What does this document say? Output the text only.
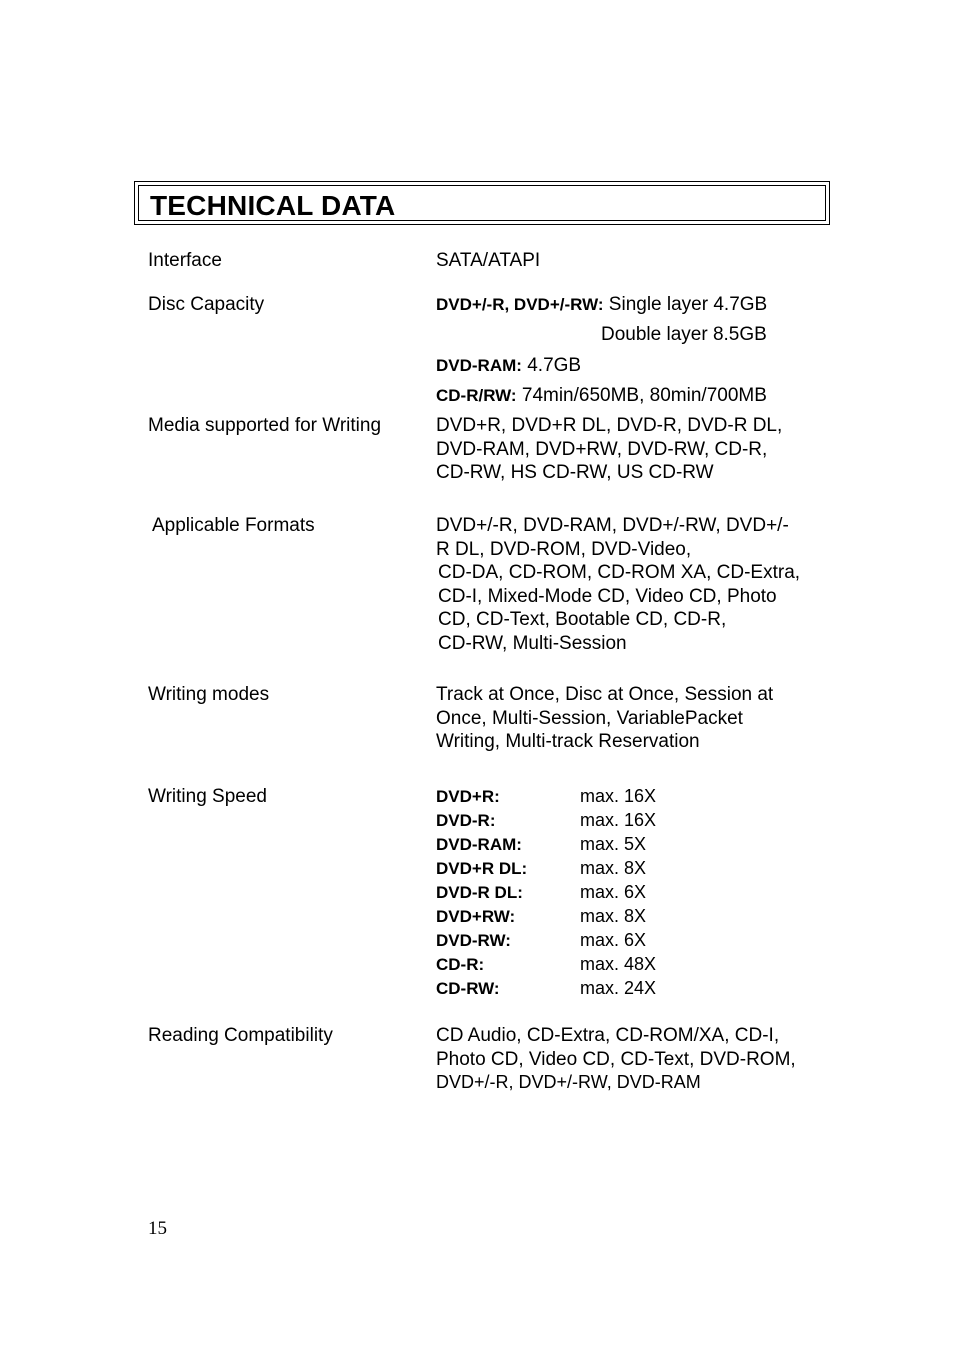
TECHNICAL DATA
Interface	SATA/ATAPI
Disc Capacity	DVD+/-R, DVD+/-RW: Single layer 4.7GB
Double layer 8.5GB
DVD-RAM: 4.7GB
CD-R/RW: 74min/650MB, 80min/700MB
Media supported for Writing	DVD+R, DVD+R DL, DVD-R, DVD-R DL,
DVD-RAM, DVD+RW, DVD-RW, CD-R,
CD-RW, HS CD-RW, US CD-RW
Applicable Formats	DVD+/-R, DVD-RAM, DVD+/-RW, DVD+/-
R DL, DVD-ROM, DVD-Video,
CD-DA, CD-ROM, CD-ROM XA, CD-Extra,
CD-I, Mixed-Mode CD, Video CD, Photo
CD, CD-Text, Bootable CD, CD-R,
CD-RW, Multi-Session
Writing modes	Track at Once, Disc at Once, Session at
Once, Multi-Session, VariablePacket
Writing, Multi-track Reservation
Writing Speed	DVD+R:	max. 16X
DVD-R:	max. 16X
DVD-RAM:	max. 5X
DVD+R DL:	max. 8X
DVD-R DL:	max. 6X
DVD+RW:	max. 8X
DVD-RW:	max. 6X
CD-R:	max. 48X
CD-RW:	max. 24X
Reading Compatibility	CD Audio, CD-Extra, CD-ROM/XA, CD-I,
Photo CD, Video CD, CD-Text, DVD-ROM,
DVD+/-R, DVD+/-RW, DVD-RAM
15
